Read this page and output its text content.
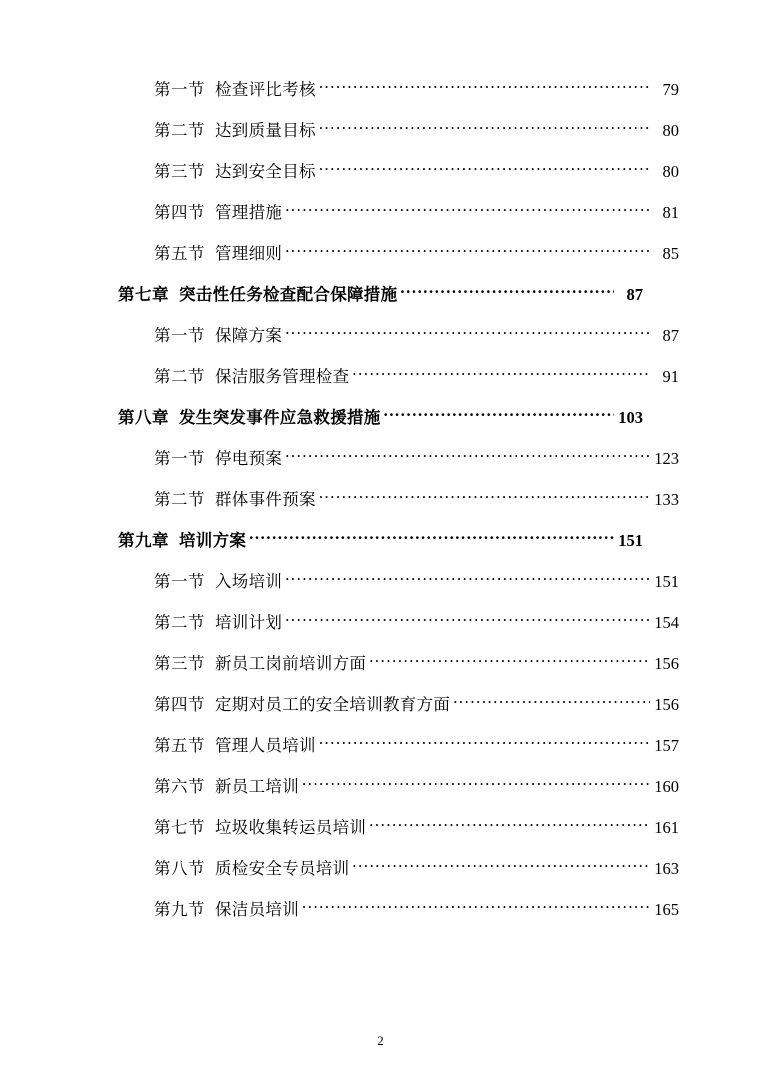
第一节 检查评比考核 .....	79
第二节 达到质量目标 .....	80
第三节 达到安全目标 .....	80
第四节 管理措施 .....	81
第五节 管理细则 .....	85
第七章 突击性任务检查配合保障措施 .....	87
第一节 保障方案 .....	87
第二节 保洁服务管理检查 .....	91
第八章 发生突发事件应急救援措施 .....	103
第一节 停电预案 .....	123
第二节 群体事件预案 .....	133
第九章 培训方案 .....	151
第一节 入场培训 .....	151
第二节 培训计划 .....	154
第三节 新员工岗前培训方面 .....	156
第四节 定期对员工的安全培训教育方面 .....	156
第五节 管理人员培训 .....	157
第六节 新员工培训 .....	160
第七节 垃圾收集转运员培训 .....	161
第八节 质检安全专员培训 .....	163
第九节 保洁员培训 .....	165
2
